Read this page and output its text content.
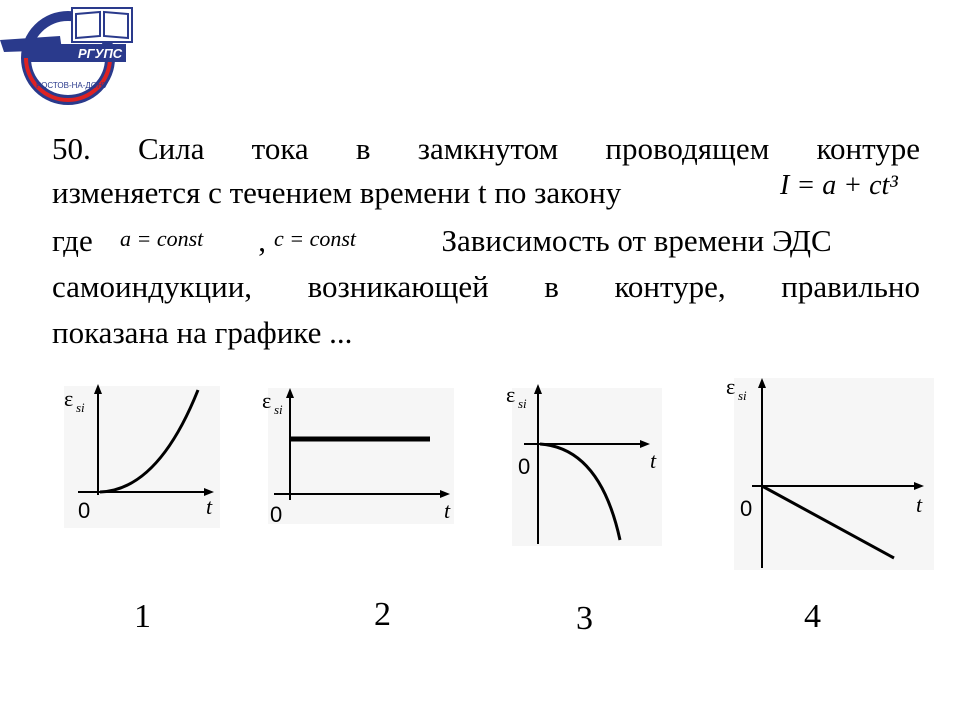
РГУПС
РОСТОВ-НА-ДОНУ
50. Сила тока в замкнутом проводящем контуре
изменяется с течением времени t по закону	I = a + ct³
где	,	Зависимость от времени ЭДС
a = const	c = const
самоиндукции, возникающей в контуре, правильно
показана на графике ...
ε si
0	t
ε si
0	t
ε si
0	t
ε si
0	t
1	2	3	4
